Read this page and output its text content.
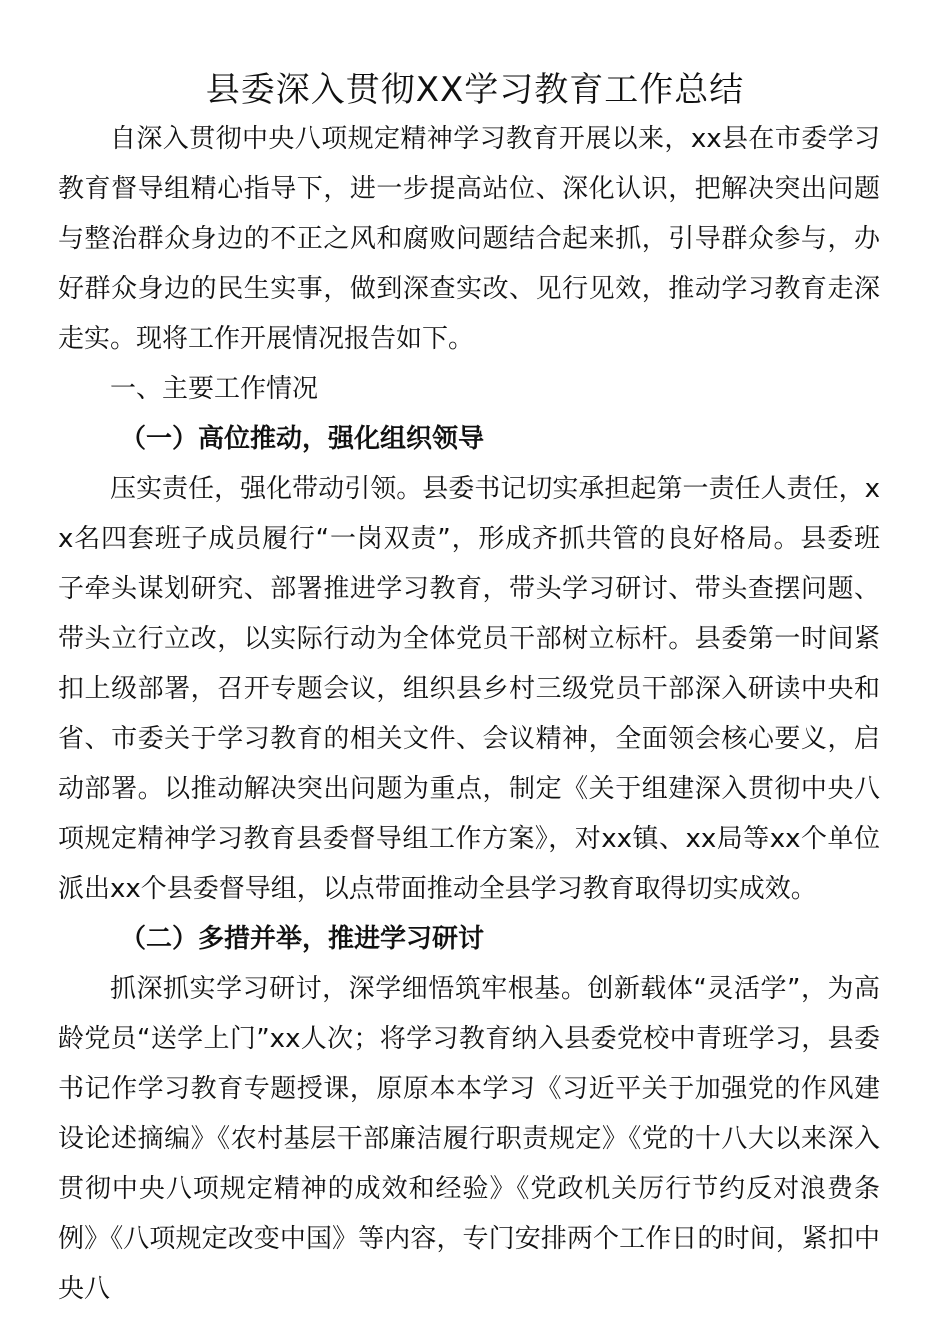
县委深入贯彻XX学习教育工作总结

自深入贯彻中央八项规定精神学习教育开展以来，xx县在市委学习教育督导组精心指导下，进一步提高站位、深化认识，把解决突出问题与整治群众身边的不正之风和腐败问题结合起来抓，引导群众参与，办好群众身边的民生实事，做到深查实改、见行见效，推动学习教育走深走实。现将工作开展情况报告如下。

一、主要工作情况

（一）高位推动，强化组织领导

压实责任，强化带动引领。县委书记切实承担起第一责任人责任，xx名四套班子成员履行“一岗双责”，形成齐抓共管的良好格局。县委班子牵头谋划研究、部署推进学习教育，带头学习研讨、带头查摆问题、带头立行立改，以实际行动为全体党员干部树立标杆。县委第一时间紧扣上级部署，召开专题会议，组织县乡村三级党员干部深入研读中央和省、市委关于学习教育的相关文件、会议精神，全面领会核心要义，启动部署。以推动解决突出问题为重点，制定《关于组建深入贯彻中央八项规定精神学习教育县委督导组工作方案》，对xx镇、xx局等xx个单位派出xx个县委督导组，以点带面推动全县学习教育取得切实成效。

（二）多措并举，推进学习研讨

抓深抓实学习研讨，深学细悟筑牢根基。创新载体“灵活学”，为高龄党员“送学上门”xx人次；将学习教育纳入县委党校中青班学习，县委书记作学习教育专题授课，原原本本学习《习近平关于加强党的作风建设论述摘编》《农村基层干部廉洁履行职责规定》《党的十八大以来深入贯彻中央八项规定精神的成效和经验》《党政机关厉行节约反对浪费条例》《八项规定改变中国》等内容，专门安排两个工作日的时间，紧扣中央八
